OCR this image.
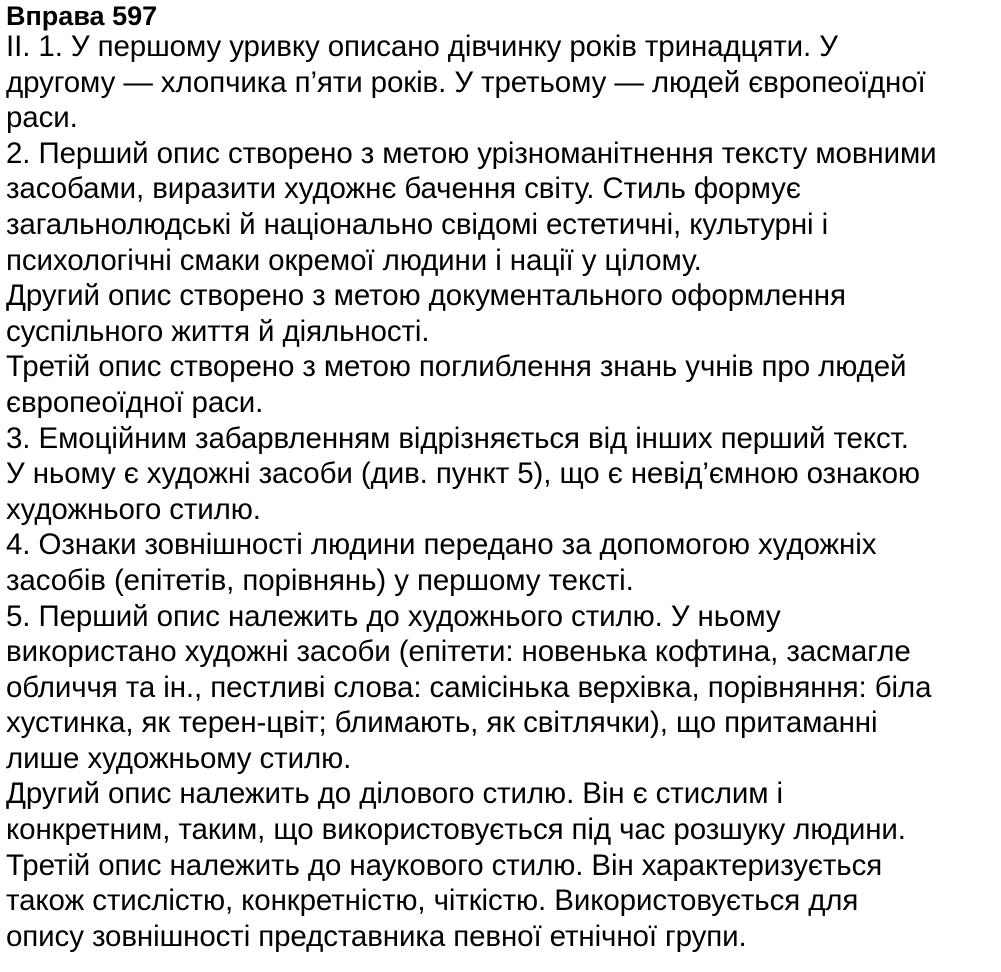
Вправа 597
II. 1. У першому уривку описано дівчинку років тринадцяти. У
другому — хлопчика п’яти років. У третьому — людей європеоїдної
раси.
2. Перший опис створено з метою урізноманітнення тексту мовними
засобами, виразити художнє бачення світу. Стиль формує
загальнолюдські й національно свідомі естетичні, культурні і
психологічні смаки окремої людини і нації у цілому.
Другий опис створено з метою документального оформлення
суспільного життя й діяльності.
Третій опис створено з метою поглиблення знань учнів про людей
європеоїдної раси.
3. Емоційним забарвленням відрізняється від інших перший текст.
У ньому є художні засоби (див. пункт 5), що є невід’ємною ознакою
художнього стилю.
4. Ознаки зовнішності людини передано за допомогою художніх
засобів (епітетів, порівнянь) у першому тексті.
5. Перший опис належить до художнього стилю. У ньому
використано художні засоби (епітети: новенька кофтина, засмагле
обличчя та ін., пестливі слова: самісінька верхівка, порівняння: біла
хустинка, як терен-цвіт; блимають, як світлячки), що притаманні
лише художньому стилю.
Другий опис належить до ділового стилю. Він є стислим і
конкретним, таким, що використовується під час розшуку людини.
Третій опис належить до наукового стилю. Він характеризується
також стислістю, конкретністю, чіткістю. Використовується для
опису зовнішності представника певної етнічної групи.
